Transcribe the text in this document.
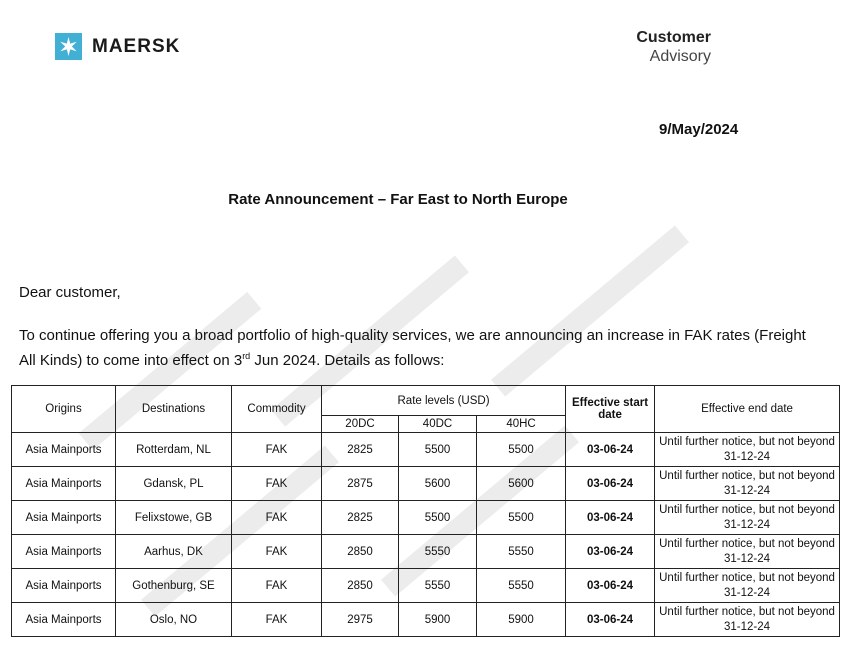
MAERSK	Customer
Advisory
9/May/2024
Rate Announcement – Far East to North Europe
Dear customer,
To continue offering you a broad portfolio of high-quality services, we are announcing an increase in FAK rates (Freight All Kinds) to come into effect on 3rd Jun 2024. Details as follows:
Origins	Destinations	Commodity	Rate levels (USD)			Effective start date	Effective end date
			20DC	40DC	40HC		
Asia Mainports	Rotterdam, NL	FAK	2825	5500	5500	03-06-24	Until further notice, but not beyond 31-12-24
Asia Mainports	Gdansk, PL	FAK	2875	5600	5600	03-06-24	Until further notice, but not beyond 31-12-24
Asia Mainports	Felixstowe, GB	FAK	2825	5500	5500	03-06-24	Until further notice, but not beyond 31-12-24
Asia Mainports	Aarhus, DK	FAK	2850	5550	5550	03-06-24	Until further notice, but not beyond 31-12-24
Asia Mainports	Gothenburg, SE	FAK	2850	5550	5550	03-06-24	Until further notice, but not beyond 31-12-24
Asia Mainports	Oslo, NO	FAK	2975	5900	5900	03-06-24	Until further notice, but not beyond 31-12-24
